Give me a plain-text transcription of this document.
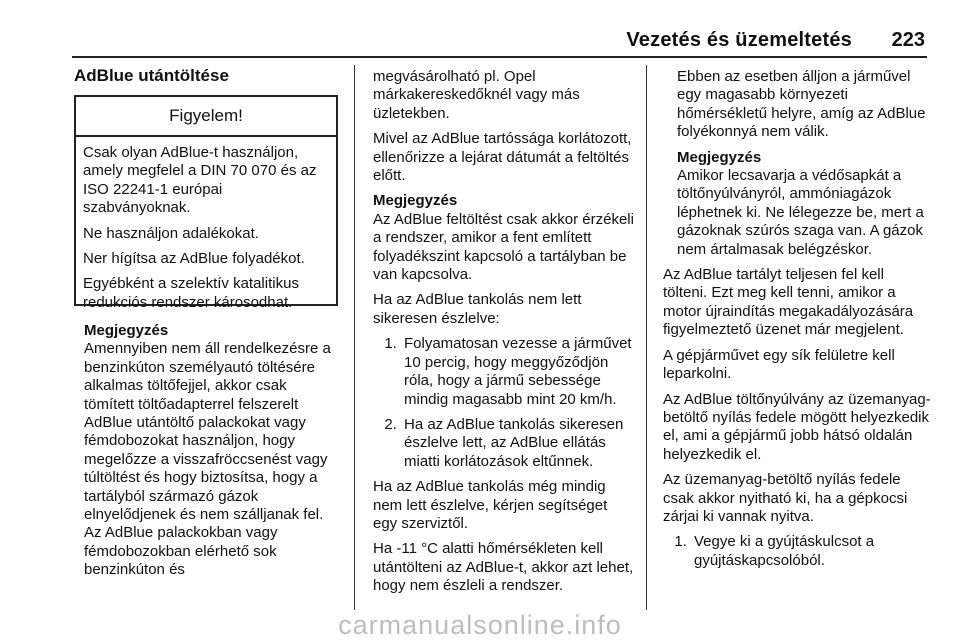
Vezetés és üzemeltetés 223
AdBlue utántöltése
Figyelem!

Csak olyan AdBlue-t használjon, amely megfelel a DIN 70 070 és az ISO 22241-1 európai szabványoknak.

Ne használjon adalékokat.

Ner hígítsa az AdBlue folyadékot.

Egyébként a szelektív katalitikus redukciós rendszer károsodhat.

Megjegyzés
Amennyiben nem áll rendelkezésre a benzinkúton személyautó töltésére alkalmas töltőfejjel, akkor csak tömített töltőadapterrel felszerelt AdBlue utántöltő palackokat vagy fémdobozokat használjon, hogy megelőzze a visszafröccsenést vagy túltöltést és hogy biztosítsa, hogy a tartályból származó gázok elnyelődjenek és nem szálljanak fel. Az AdBlue palackokban vagy fémdobozokban elérhető sok benzinkúton és

megvásárolható pl. Opel márkakereskedőknél vagy más üzletekben.

Mivel az AdBlue tartóssága korlátozott, ellenőrizze a lejárat dátumát a feltöltés előtt.

Megjegyzés
Az AdBlue feltöltést csak akkor érzékeli a rendszer, amikor a fent említett folyadékszint kapcsoló a tartályban be van kapcsolva.

Ha az AdBlue tankolás nem lett sikeresen észlelve:

1. Folyamatosan vezesse a járművet 10 percig, hogy meggyőződjön róla, hogy a jármű sebessége mindig magasabb mint 20 km/h.
2. Ha az AdBlue tankolás sikeresen észlelve lett, az AdBlue ellátás miatti korlátozások eltűnnek.

Ha az AdBlue tankolás még mindig nem lett észlelve, kérjen segítséget egy szerviztől.

Ha -11 °C alatti hőmérsékleten kell utántölteni az AdBlue-t, akkor azt lehet, hogy nem észleli a rendszer.

Ebben az esetben álljon a járművel egy magasabb környezeti hőmérsékletű helyre, amíg az AdBlue folyékonnyá nem válik.

Megjegyzés
Amikor lecsavarja a védősapkát a töltőnyúlványról, ammóniagázok léphetnek ki. Ne lélegezze be, mert a gázoknak szúrós szaga van. A gázok nem ártalmasak belégzéskor.

Az AdBlue tartályt teljesen fel kell tölteni. Ezt meg kell tenni, amikor a motor újraindítás megakadályozására figyelmeztető üzenet már megjelent.

A gépjárművet egy sík felületre kell leparkolni.

Az AdBlue töltőnyúlvány az üzemanyag-betöltő nyílás fedele mögött helyezkedik el, ami a gépjármű jobb hátsó oldalán helyezkedik el.

Az üzemanyag-betöltő nyílás fedele csak akkor nyitható ki, ha a gépkocsi zárjai ki vannak nyitva.

1. Vegye ki a gyújtáskulcsot a gyújtáskapcsolóból.
carmanualsonline.info
